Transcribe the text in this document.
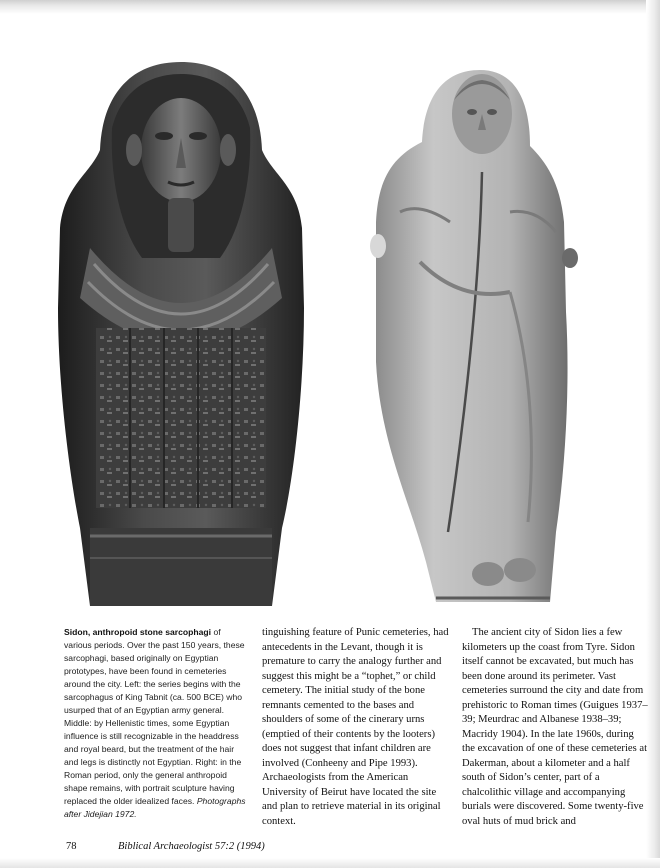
Sidon, anthropoid stone sarcophagi of various periods. Over the past 150 years, these sarcophagi, based originally on Egyptian prototypes, have been found in cemeteries around the city. Left: the series begins with the sarcophagus of King Tabnit (ca. 500 BCE) who usurped that of an Egyptian army general. Middle: by Hellenistic times, some Egyptian influence is still recognizable in the headdress and royal beard, but the treatment of the hair and legs is distinctly not Egyptian. Right: in the Roman period, only the general anthropoid shape remains, with portrait sculpture having replaced the older idealized faces. Photographs after Jidejian 1972.

tinguishing feature of Punic cemeteries, had antecedents in the Levant, though it is premature to carry the analogy further and suggest this might be a “tophet,” or child cemetery. The initial study of the bone remnants cemented to the bases and shoulders of some of the cinerary urns (emptied of their contents by the looters) does not suggest that infant children are involved (Conheeny and Pipe 1993). Archaeologists from the American University of Beirut have located the site and plan to retrieve material in its original context.

The ancient city of Sidon lies a few kilometers up the coast from Tyre. Sidon itself cannot be excavated, but much has been done around its perimeter. Vast cemeteries surround the city and date from prehistoric to Roman times (Guigues 1937–39; Meurdrac and Albanese 1938–39; Macridy 1904). In the late 1960s, during the excavation of one of these cemeteries at Dakerman, about a kilometer and a half south of Sidon’s center, part of a chalcolithic village and accompanying burials were discovered. Some twenty-five oval huts of mud brick and

78	Biblical Archaeologist 57:2 (1994)
